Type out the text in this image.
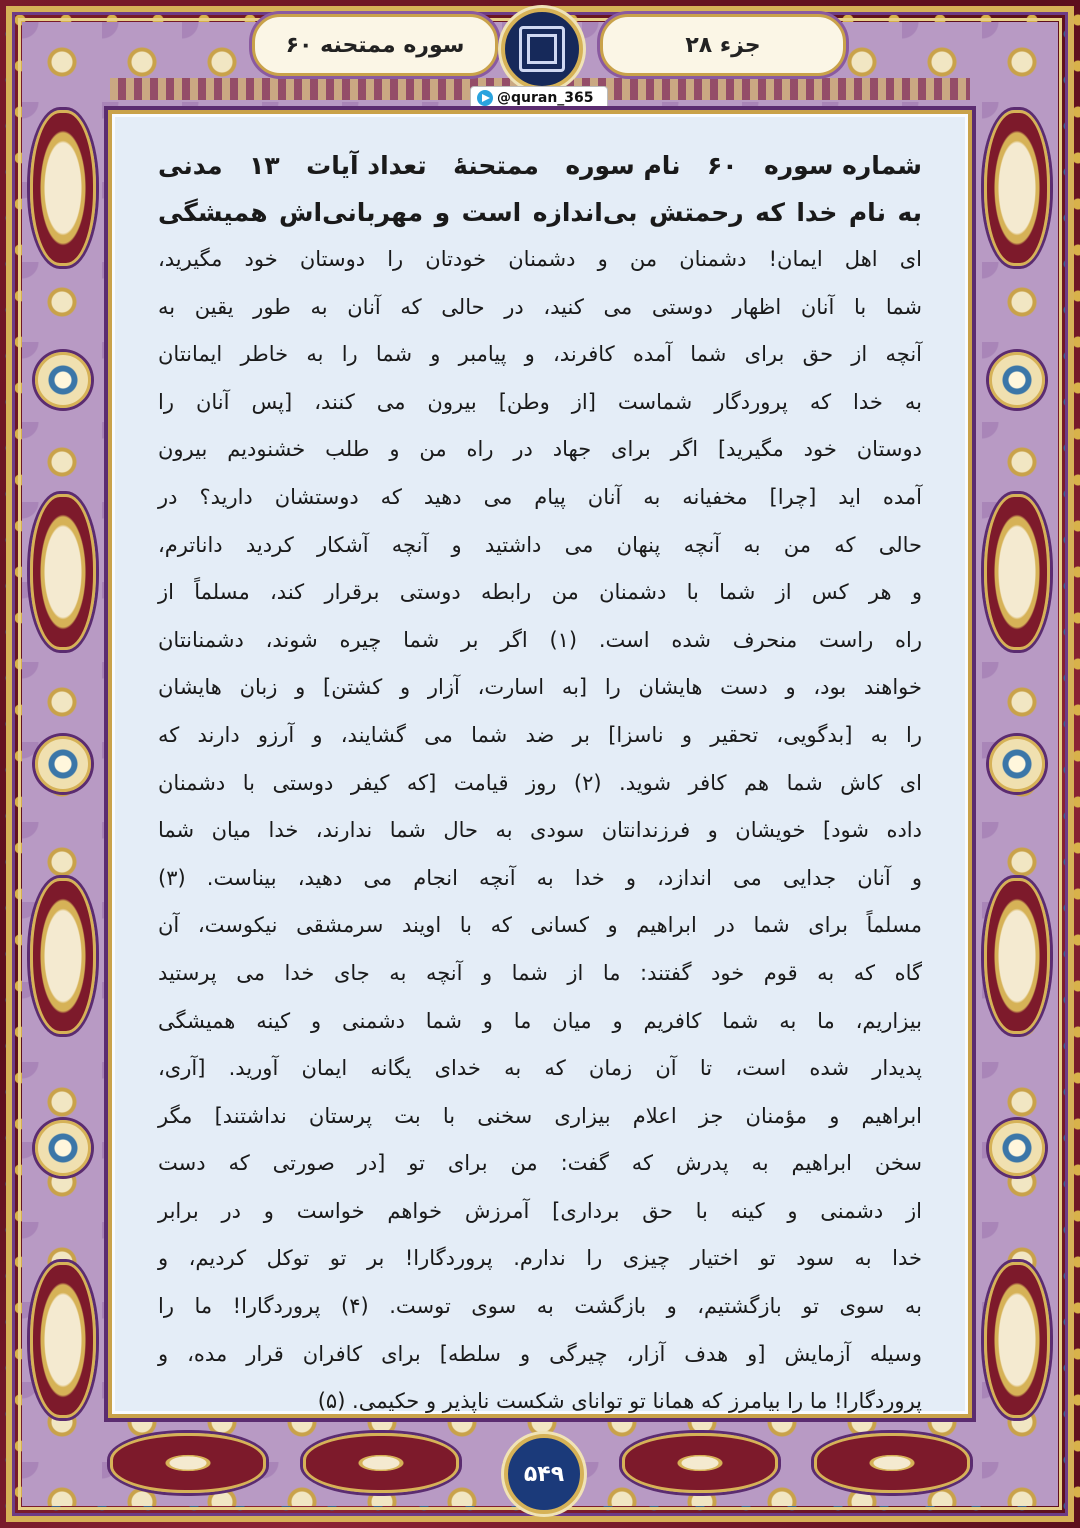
سوره ممتحنه ۶۰	جزء ۲۸
@quran_365
شماره سوره
۶۰
نام سوره
ممتحنۀ
تعداد آیات
۱۳
مدنی
به نام خدا که رحمتش بی‌اندازه است و مهربانی‌اش همیشگی
ای اهل ایمان! دشمنان من و دشمنان خودتان را دوستان خود مگیرید،
شما با آنان اظهار دوستی می کنید، در حالی که آنان به طور یقین به
آنچه از حق برای شما آمده کافرند، و پیامبر و شما را به خاطر ایمانتان
به خدا که پروردگار شماست [از وطن] بیرون می کنند، [پس آنان را
دوستان خود مگیرید] اگر برای جهاد در راه من و طلب خشنودیم بیرون
آمده اید [چرا] مخفیانه به آنان پیام می دهید که دوستشان دارید؟ در
حالی که من به آنچه پنهان می داشتید و آنچه آشکار کردید داناترم،
و هر کس از شما با دشمنان من رابطه دوستی برقرار کند، مسلماً از
راه راست منحرف شده است. (۱) اگر بر شما چیره شوند، دشمنانتان
خواهند بود، و دست هایشان را [به اسارت، آزار و کشتن] و زبان هایشان
را به [بدگویی، تحقیر و ناسزا] بر ضد شما می گشایند، و آرزو دارند که
ای کاش شما هم کافر شوید. (۲) روز قیامت [که کیفر دوستی با دشمنان
داده شود] خویشان و فرزندانتان سودی به حال شما ندارند، خدا میان شما
و آنان جدایی می اندازد، و خدا به آنچه انجام می دهید، بیناست. (۳)
مسلماً برای شما در ابراهیم و کسانی که با اویند سرمشقی نیکوست، آن
گاه که به قوم خود گفتند: ما از شما و آنچه به جای خدا می پرستید
بیزاریم، ما به شما کافریم و میان ما و شما دشمنی و کینه همیشگی
پدیدار شده است، تا آن زمان که به خدای یگانه ایمان آورید. [آری،
ابراهیم و مؤمنان جز اعلام بیزاری سخنی با بت پرستان نداشتند] مگر
سخن ابراهیم به پدرش که گفت: من برای تو [در صورتی که دست
از دشمنی و کینه با حق برداری] آمرزش خواهم خواست و در برابر
خدا به سود تو اختیار چیزی را ندارم. پروردگارا! بر تو توکل کردیم، و
به سوی تو بازگشتیم، و بازگشت به سوی توست. (۴) پروردگارا! ما را
وسیله آزمایش [و هدف آزار، چیرگی و سلطه] برای کافران قرار مده، و
پروردگارا! ما را بیامرز که همانا تو توانای شکست ناپذیر و حکیمی. (۵)
۵۴۹
